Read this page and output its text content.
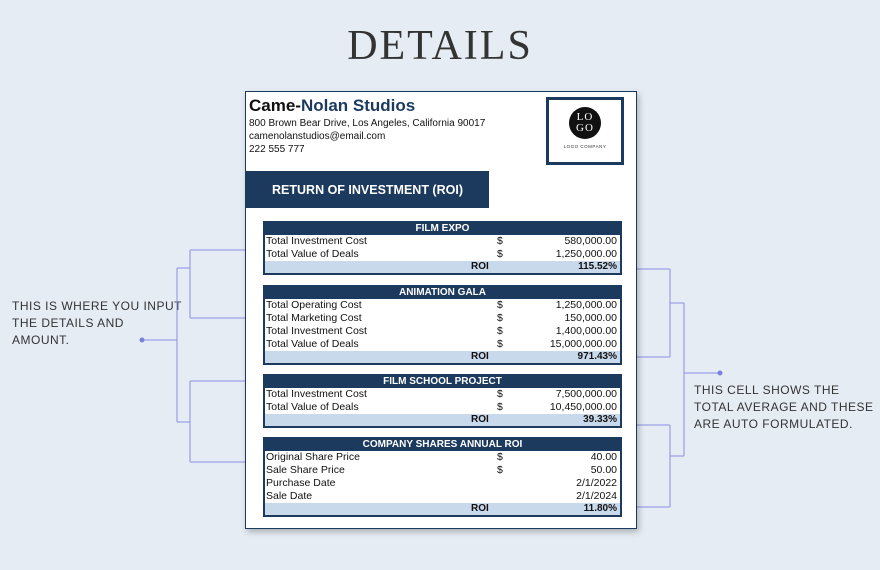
DETAILS
THIS IS WHERE YOU INPUT THE DETAILS AND AMOUNT.
THIS CELL SHOWS THE TOTAL AVERAGE AND THESE ARE AUTO FORMULATED.
Came-Nolan Studios
800 Brown Bear Drive, Los Angeles, California 90017
camenolanstudios@email.com
222 555 777
LO GO
LOGO COMPANY
RETURN OF INVESTMENT (ROI)
FILM EXPO
Total Investment Cost	$	580,000.00
Total Value of Deals	$	1,250,000.00
ROI	115.52%
ANIMATION GALA
Total Operating Cost	$	1,250,000.00
Total Marketing Cost	$	150,000.00
Total Investment Cost	$	1,400,000.00
Total Value of Deals	$	15,000,000.00
ROI	971.43%
FILM SCHOOL PROJECT
Total Investment Cost	$	7,500,000.00
Total Value of Deals	$	10,450,000.00
ROI	39.33%
COMPANY SHARES ANNUAL ROI
Original Share Price	$	40.00
Sale Share Price	$	50.00
Purchase Date	2/1/2022
Sale Date	2/1/2024
ROI	11.80%
